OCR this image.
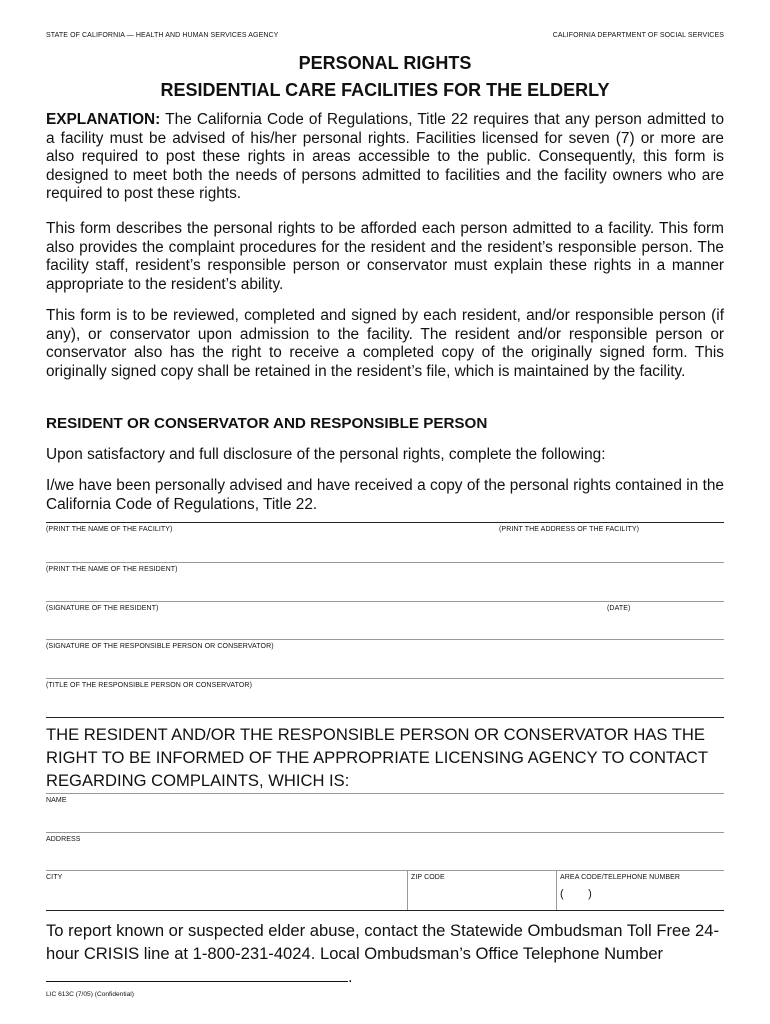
STATE OF CALIFORNIA — HEALTH AND HUMAN SERVICES AGENCY	CALIFORNIA DEPARTMENT OF SOCIAL SERVICES
PERSONAL RIGHTS
RESIDENTIAL CARE FACILITIES FOR THE ELDERLY

EXPLANATION: The California Code of Regulations, Title 22 requires that any person admitted to a facility must be advised of his/her personal rights. Facilities licensed for seven (7) or more are also required to post these rights in areas accessible to the public. Consequently, this form is designed to meet both the needs of persons admitted to facilities and the facility owners who are required to post these rights.

This form describes the personal rights to be afforded each person admitted to a facility. This form also provides the complaint procedures for the resident and the resident’s responsible person. The facility staff, resident’s responsible person or conservator must explain these rights in a manner appropriate to the resident’s ability.

This form is to be reviewed, completed and signed by each resident, and/or responsible person (if any), or conservator upon admission to the facility. The resident and/or responsible person or conservator also has the right to receive a completed copy of the originally signed form. This originally signed copy shall be retained in the resident’s file, which is maintained by the facility.

RESIDENT OR CONSERVATOR AND RESPONSIBLE PERSON
Upon satisfactory and full disclosure of the personal rights, complete the following:

I/we have been personally advised and have received a copy of the personal rights contained in the California Code of Regulations, Title 22.

(PRINT THE NAME OF THE FACILITY)	(PRINT THE ADDRESS OF THE FACILITY)
(PRINT THE NAME OF THE RESIDENT)
(SIGNATURE OF THE RESIDENT)	(DATE)
(SIGNATURE OF THE RESPONSIBLE PERSON OR CONSERVATOR)
(TITLE OF THE RESPONSIBLE PERSON OR CONSERVATOR)
THE RESIDENT AND/OR THE RESPONSIBLE PERSON OR CONSERVATOR HAS THE RIGHT TO BE INFORMED OF THE APPROPRIATE LICENSING AGENCY TO CONTACT REGARDING COMPLAINTS, WHICH IS:
NAME
ADDRESS
CITY	ZIP CODE	AREA CODE/TELEPHONE NUMBER
(        )
To report known or suspected elder abuse, contact the Statewide Ombudsman Toll Free 24-hour CRISIS line at 1-800-231-4024. Local Ombudsman’s Office Telephone Number .
LIC 613C (7/05) (Confidential)
